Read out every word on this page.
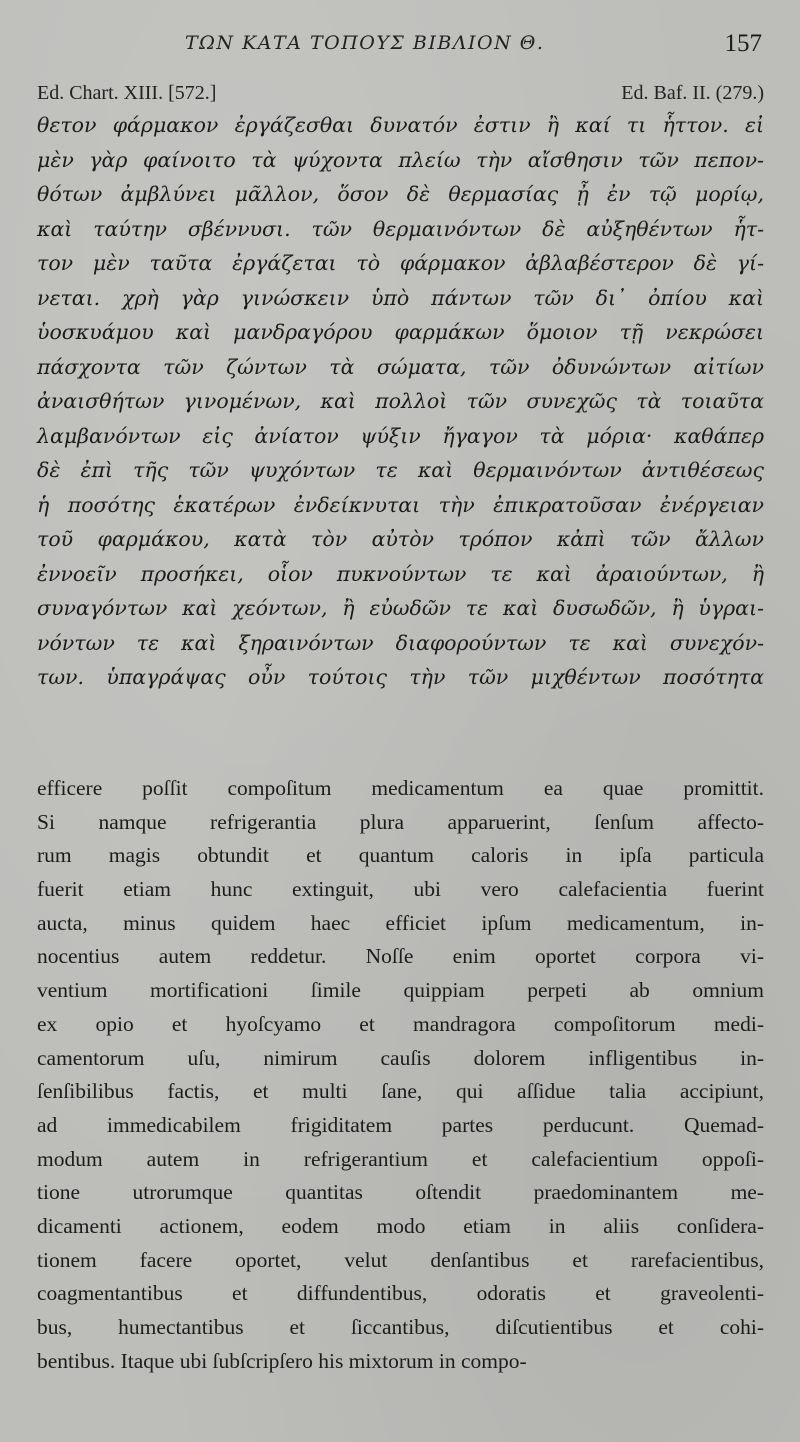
ΤΩΝ ΚΑΤΑ ΤΟΠΟΥΣ ΒΙΒΛΙΟΝ Θ.	157
Ed. Chart. XIII. [572.]	Ed. Baf. II. (279.)
θετον φάρμακον ἐργάζεσθαι δυνατόν ἐστιν ἢ καί τι ἧττον. εἰ
μὲν γὰρ φαίνοιτο τὰ ψύχοντα πλείω τὴν αἴσθησιν τῶν πεπον-
θότων ἀμβλύνει μᾶλλον, ὅσον δὲ θερμασίας ᾖ ἐν τῷ μορίῳ,
καὶ ταύτην σβέννυσι. τῶν θερμαινόντων δὲ αὐξηθέντων ἧτ-
τον μὲν ταῦτα ἐργάζεται τὸ φάρμακον ἀβλαβέστερον δὲ γί-
νεται. χρὴ γὰρ γινώσκειν ὑπὸ πάντων τῶν δι᾽ ὀπίου καὶ
ὑοσκυάμου καὶ μανδραγόρου φαρμάκων ὅμοιον τῇ νεκρώσει
πάσχοντα τῶν ζώντων τὰ σώματα, τῶν ὀδυνώντων αἰτίων
ἀναισθήτων γινομένων, καὶ πολλοὶ τῶν συνεχῶς τὰ τοιαῦτα
λαμβανόντων εἰς ἀνίατον ψύξιν ἤγαγον τὰ μόρια· καθάπερ
δὲ ἐπὶ τῆς τῶν ψυχόντων τε καὶ θερμαινόντων ἀντιθέσεως
ἡ ποσότης ἑκατέρων ἐνδείκνυται τὴν ἐπικρατοῦσαν ἐνέργειαν
τοῦ φαρμάκου, κατὰ τὸν αὐτὸν τρόπον κἀπὶ τῶν ἄλλων
ἐννοεῖν προσήκει, οἷον πυκνούντων τε καὶ ἀραιούντων, ἢ
συναγόντων καὶ χεόντων, ἢ εὐωδῶν τε καὶ δυσωδῶν, ἢ ὑγραι-
νόντων τε καὶ ξηραινόντων διαφορούντων τε καὶ συνεχόν-
των. ὑπαγράψας οὖν τούτοις τὴν τῶν μιχθέντων ποσότητα
efficere poſſit compoſitum medicamentum ea quae promittit.
Si namque refrigerantia plura apparuerint, ſenſum affecto-
rum magis obtundit et quantum caloris in ipſa particula
fuerit etiam hunc extinguit, ubi vero calefacientia fuerint
aucta, minus quidem haec efficiet ipſum medicamentum, in-
nocentius autem reddetur. Noſſe enim oportet corpora vi-
ventium mortificationi ſimile quippiam perpeti ab omnium
ex opio et hyoſcyamo et mandragora compoſitorum medi-
camentorum uſu, nimirum cauſis dolorem infligentibus in-
ſenſibilibus factis, et multi ſane, qui aſſidue talia accipiunt,
ad immedicabilem frigiditatem partes perducunt. Quemad-
modum autem in refrigerantium et calefacientium oppoſi-
tione utrorumque quantitas oſtendit praedominantem me-
dicamenti actionem, eodem modo etiam in aliis conſidera-
tionem facere oportet, velut denſantibus et rarefacientibus,
coagmentantibus et diffundentibus, odoratis et graveolenti-
bus, humectantibus et ſiccantibus, diſcutientibus et cohi-
bentibus. Itaque ubi ſubſcripſero his mixtorum in compo-
